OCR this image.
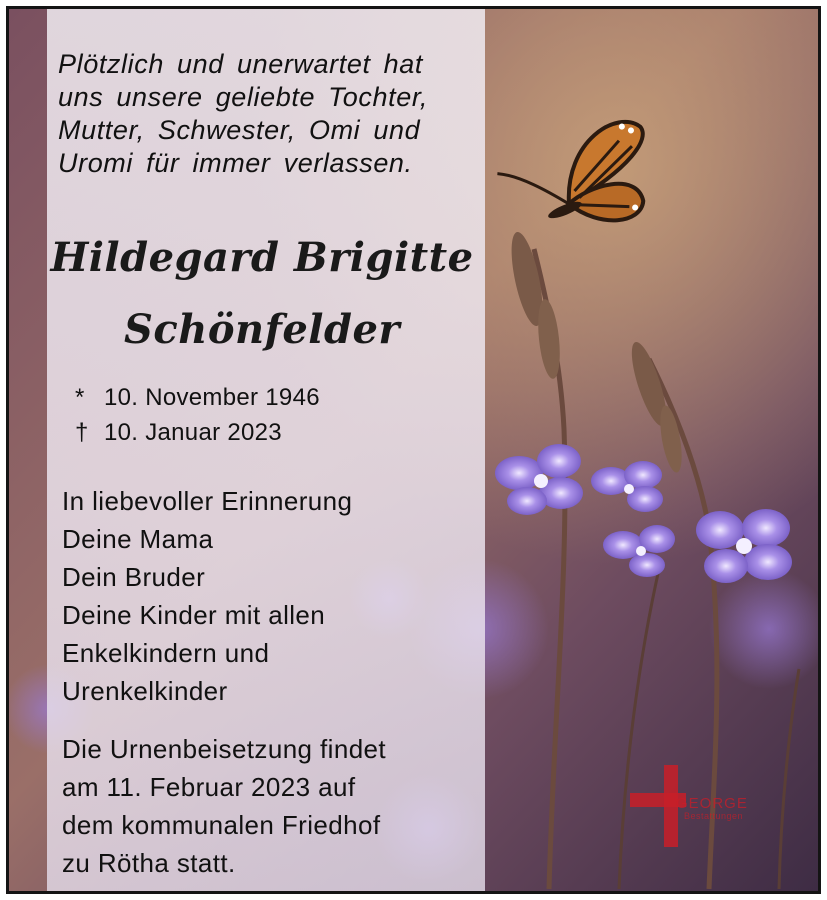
Plötzlich und unerwartet hat
uns unsere geliebte Tochter,
Mutter, Schwester, Omi und
Uromi für immer verlassen.
Hildegard Brigitte
Schönfelder
* 10. November 1946
† 10. Januar 2023
In liebevoller Erinnerung
Deine Mama
Dein Bruder
Deine Kinder mit allen
Enkelkindern und
Urenkelkinder
Die Urnenbeisetzung findet
am 11. Februar 2023 auf
dem kommunalen Friedhof
zu Rötha statt.
GEORGE
Bestattungen
